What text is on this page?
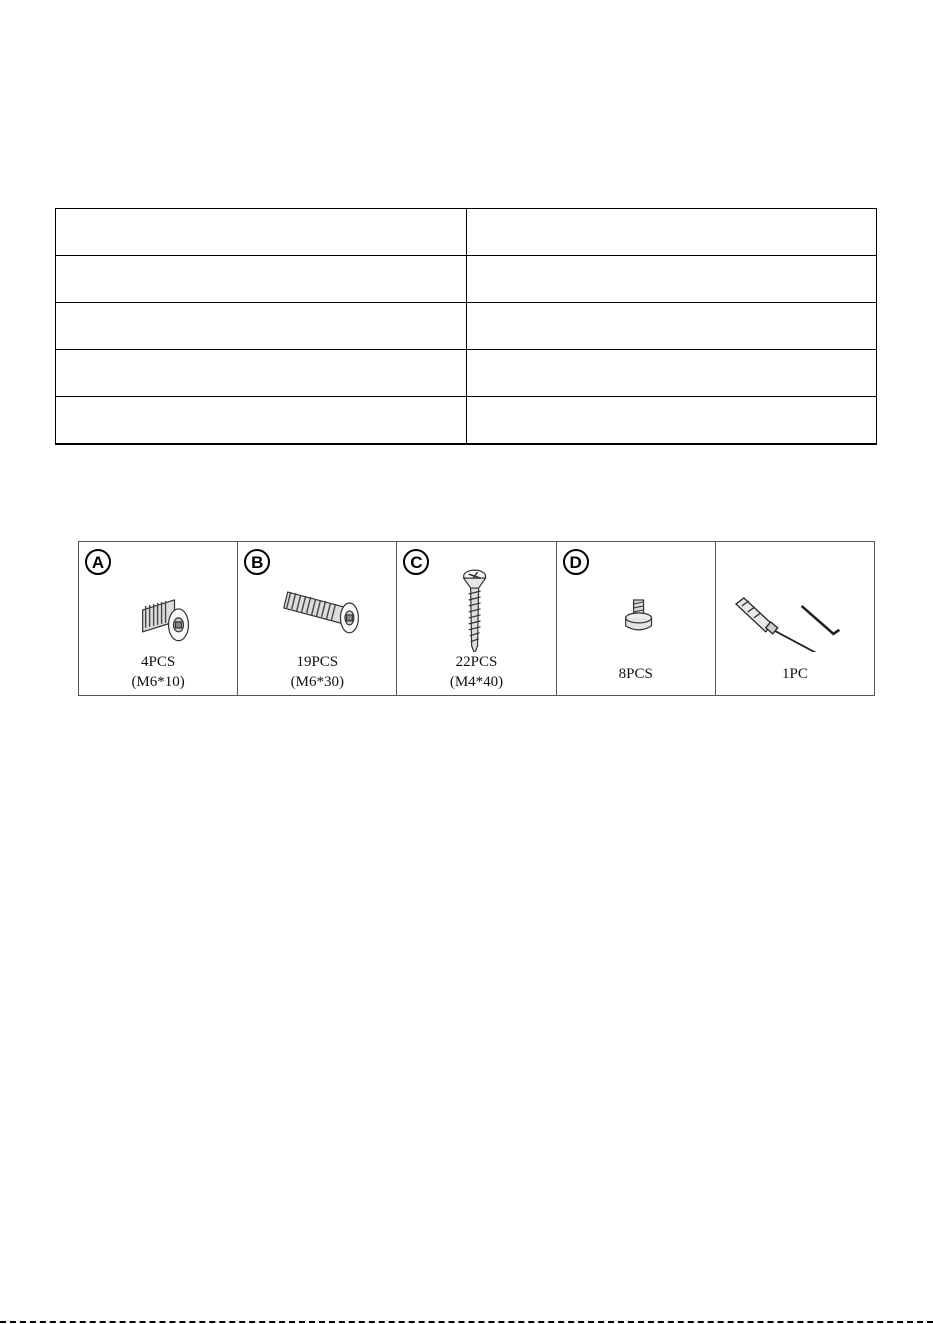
A
4PCS
(M6*10)
B
19PCS
(M6*30)
C
22PCS
(M4*40)
D
8PCS	1PC
